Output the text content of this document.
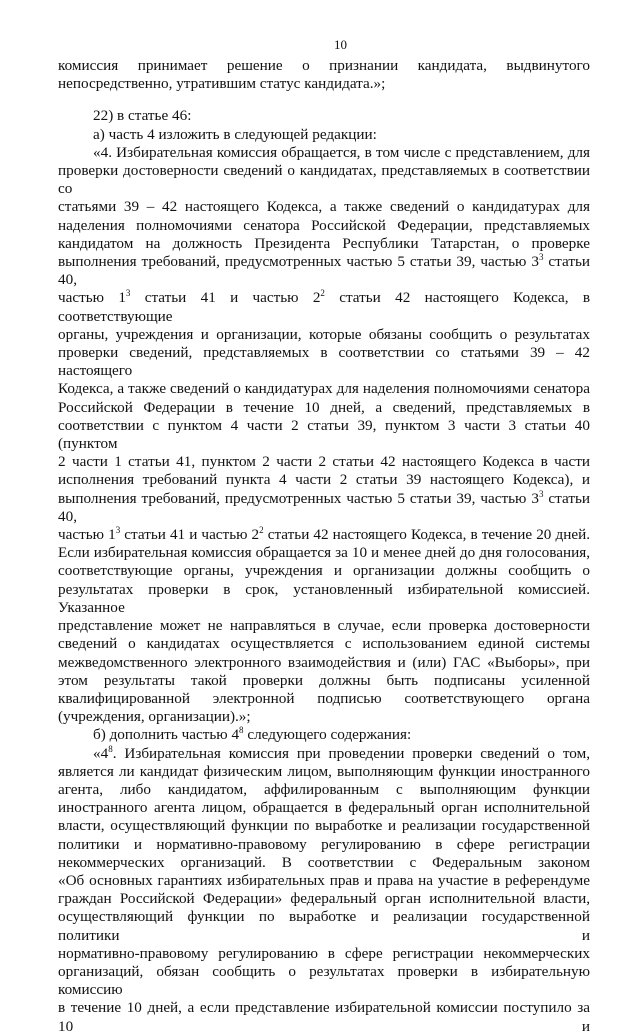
10

комиссия принимает решение о признании кандидата, выдвинутого непосредственно, утратившим статус кандидата.»;

22) в статье 46:

а) часть 4 изложить в следующей редакции:

«4. Избирательная комиссия обращается, в том числе с представлением, для

проверки достоверности сведений о кандидатах, представляемых в соответствии со

статьями 39 – 42 настоящего Кодекса, а также сведений о кандидатурах для

наделения полномочиями сенатора Российской Федерации, представляемых

кандидатом на должность Президента Республики Татарстан, о проверке

выполнения требований, предусмотренных частью 5 статьи 39, частью $3^3$ статьи 40,

частью $1^3$ статьи 41 и частью $2^2$ статьи 42 настоящего Кодекса, в соответствующие

органы, учреждения и организации, которые обязаны сообщить о результатах

проверки сведений, представляемых в соответствии со статьями 39 – 42 настоящего

Кодекса, а также сведений о кандидатурах для наделения полномочиями сенатора

Российской Федерации в течение 10 дней, а сведений, представляемых в

соответствии с пунктом 4 части 2 статьи 39, пунктом 3 части 3 статьи 40 (пунктом

2 части 1 статьи 41, пунктом 2 части 2 статьи 42 настоящего Кодекса в части

исполнения требований пункта 4 части 2 статьи 39 настоящего Кодекса), и

выполнения требований, предусмотренных частью 5 статьи 39, частью $3^3$ статьи 40,

частью $1^3$ статьи 41 и частью $2^2$ статьи 42 настоящего Кодекса, в течение 20 дней.

Если избирательная комиссия обращается за 10 и менее дней до дня голосования,

соответствующие органы, учреждения и организации должны сообщить о

результатах проверки в срок, установленный избирательной комиссией. Указанное

представление может не направляться в случае, если проверка достоверности

сведений о кандидатах осуществляется с использованием единой системы

межведомственного электронного взаимодействия и (или) ГАС «Выборы», при

этом результаты такой проверки должны быть подписаны усиленной

квалифицированной электронной подписью соответствующего органа

(учреждения, организации).»;

б) дополнить частью $4^8$ следующего содержания:

«$4^8$. Избирательная комиссия при проведении проверки сведений о том,

является ли кандидат физическим лицом, выполняющим функции иностранного

агента, либо кандидатом, аффилированным с выполняющим функции

иностранного агента лицом, обращается в федеральный орган исполнительной

власти, осуществляющий функции по выработке и реализации государственной

политики и нормативно-правовому регулированию в сфере регистрации

некоммерческих организаций. В соответствии с Федеральным законом

«Об основных гарантиях избирательных прав и права на участие в референдуме

граждан Российской Федерации» федеральный орган исполнительной власти,

осуществляющий функции по выработке и реализации государственной политики и

нормативно-правовому регулированию в сфере регистрации некоммерческих

организаций, обязан сообщить о результатах проверки в избирательную комиссию

в течение 10 дней, а если представление избирательной комиссии поступило за 10 и
